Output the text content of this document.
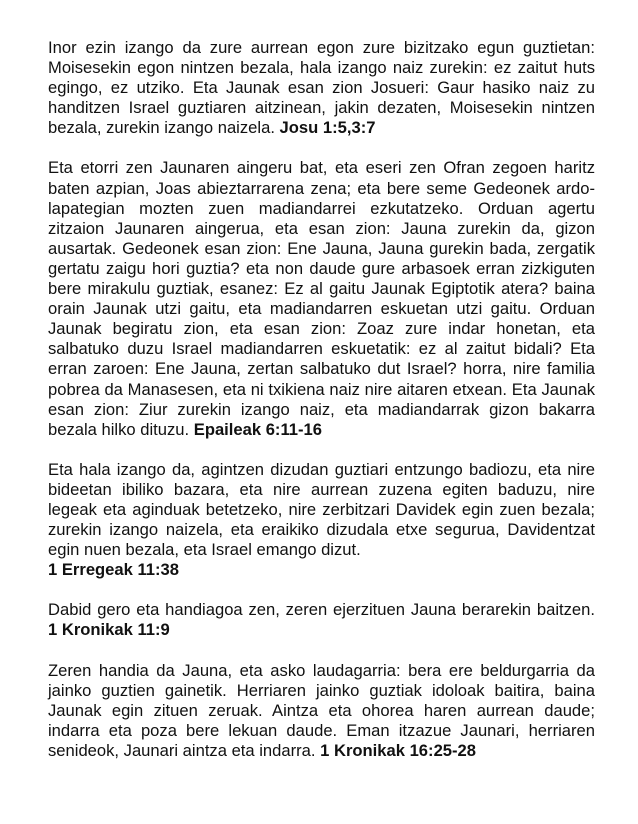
Inor ezin izango da zure aurrean egon zure bizitzako egun guztietan: Moisesekin egon nintzen bezala, hala izango naiz zurekin: ez zaitut huts egingo, ez utziko. Eta Jaunak esan zion Josueri: Gaur hasiko naiz zu handitzen Israel guztiaren aitzinean, jakin dezaten, Moisesekin nintzen bezala, zurekin izango naizela. Josu 1:5,3:7

Eta etorri zen Jaunaren aingeru bat, eta eseri zen Ofran zegoen haritz baten azpian, Joas abieztarrarena zena; eta bere seme Gedeonek ardo-lapategian mozten zuen madiandarrei ezkutatzeko. Orduan agertu zitzaion Jaunaren aingerua, eta esan zion: Jauna zurekin da, gizon ausartak. Gedeonek esan zion: Ene Jauna, Jauna gurekin bada, zergatik gertatu zaigu hori guztia? eta non daude gure arbasoek erran zizkiguten bere mirakulu guztiak, esanez: Ez al gaitu Jaunak Egiptotik atera? baina orain Jaunak utzi gaitu, eta madiandarren eskuetan utzi gaitu. Orduan Jaunak begiratu zion, eta esan zion: Zoaz zure indar honetan, eta salbatuko duzu Israel madiandarren eskuetatik: ez al zaitut bidali? Eta erran zaroen: Ene Jauna, zertan salbatuko dut Israel? horra, nire familia pobrea da Manasesen, eta ni txikiena naiz nire aitaren etxean. Eta Jaunak esan zion: Ziur zurekin izango naiz, eta madiandarrak gizon bakarra bezala hilko dituzu. Epaileak 6:11-16

Eta hala izango da, agintzen dizudan guztiari entzungo badiozu, eta nire bideetan ibiliko bazara, eta nire aurrean zuzena egiten baduzu, nire legeak eta aginduak betetzeko, nire zerbitzari Davidek egin zuen bezala; zurekin izango naizela, eta eraikiko dizudala etxe segurua, Davidentzat egin nuen bezala, eta Israel emango dizut.
1 Erregeak 11:38

Dabid gero eta handiagoa zen, zeren ejerzituen Jauna berarekin baitzen. 1 Kronikak 11:9

Zeren handia da Jauna, eta asko laudagarria: bera ere beldurgarria da jainko guztien gainetik. Herriaren jainko guztiak idoloak baitira, baina Jaunak egin zituen zeruak. Aintza eta ohorea haren aurrean daude; indarra eta poza bere lekuan daude. Eman itzazue Jaunari, herriaren senideok, Jaunari aintza eta indarra. 1 Kronikak 16:25-28
